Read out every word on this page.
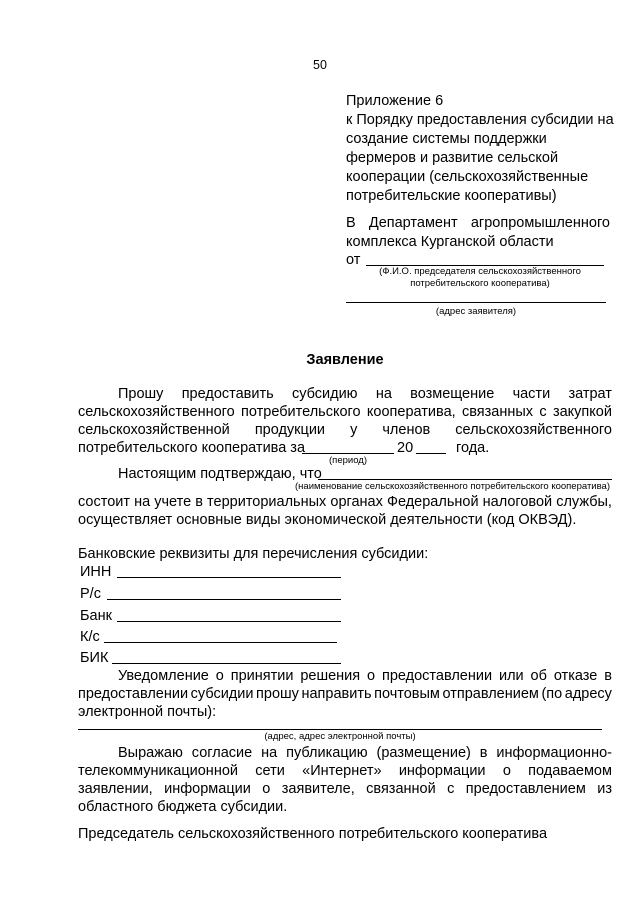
50
Приложение 6
к Порядку предоставления субсидии на
создание системы поддержки
фермеров и развитие сельской
кооперации (сельскохозяйственные
потребительские кооперативы)
В Департамент агропромышленного
комплекса Курганской области
от
(Ф.И.О. председателя сельскохозяйственного
потребительского кооператива)
(адрес заявителя)
Заявление
Прошу предоставить субсидию на возмещение части затрат
сельскохозяйственного потребительского кооператива, связанных с закупкой
сельскохозяйственной продукции у членов сельскохозяйственного
потребительского кооператива за	20	года.
(период)
Настоящим подтверждаю, что
(наименование сельскохозяйственного потребительского кооператива)
состоит на учете в территориальных органах Федеральной налоговой службы,
осуществляет основные виды экономической деятельности (код ОКВЭД).
Банковские реквизиты для перечисления субсидии:
ИНН
Р/с
Банк
К/с
БИК
Уведомление о принятии решения о предоставлении или об отказе в
предоставлении субсидии прошу направить почтовым отправлением (по адресу
электронной почты):
(адрес, адрес электронной почты)
Выражаю согласие на публикацию (размещение) в информационно-
телекоммуникационной сети «Интернет» информации о подаваемом
заявлении, информации о заявителе, связанной с предоставлением из
областного бюджета субсидии.
Председатель сельскохозяйственного потребительского кооператива
